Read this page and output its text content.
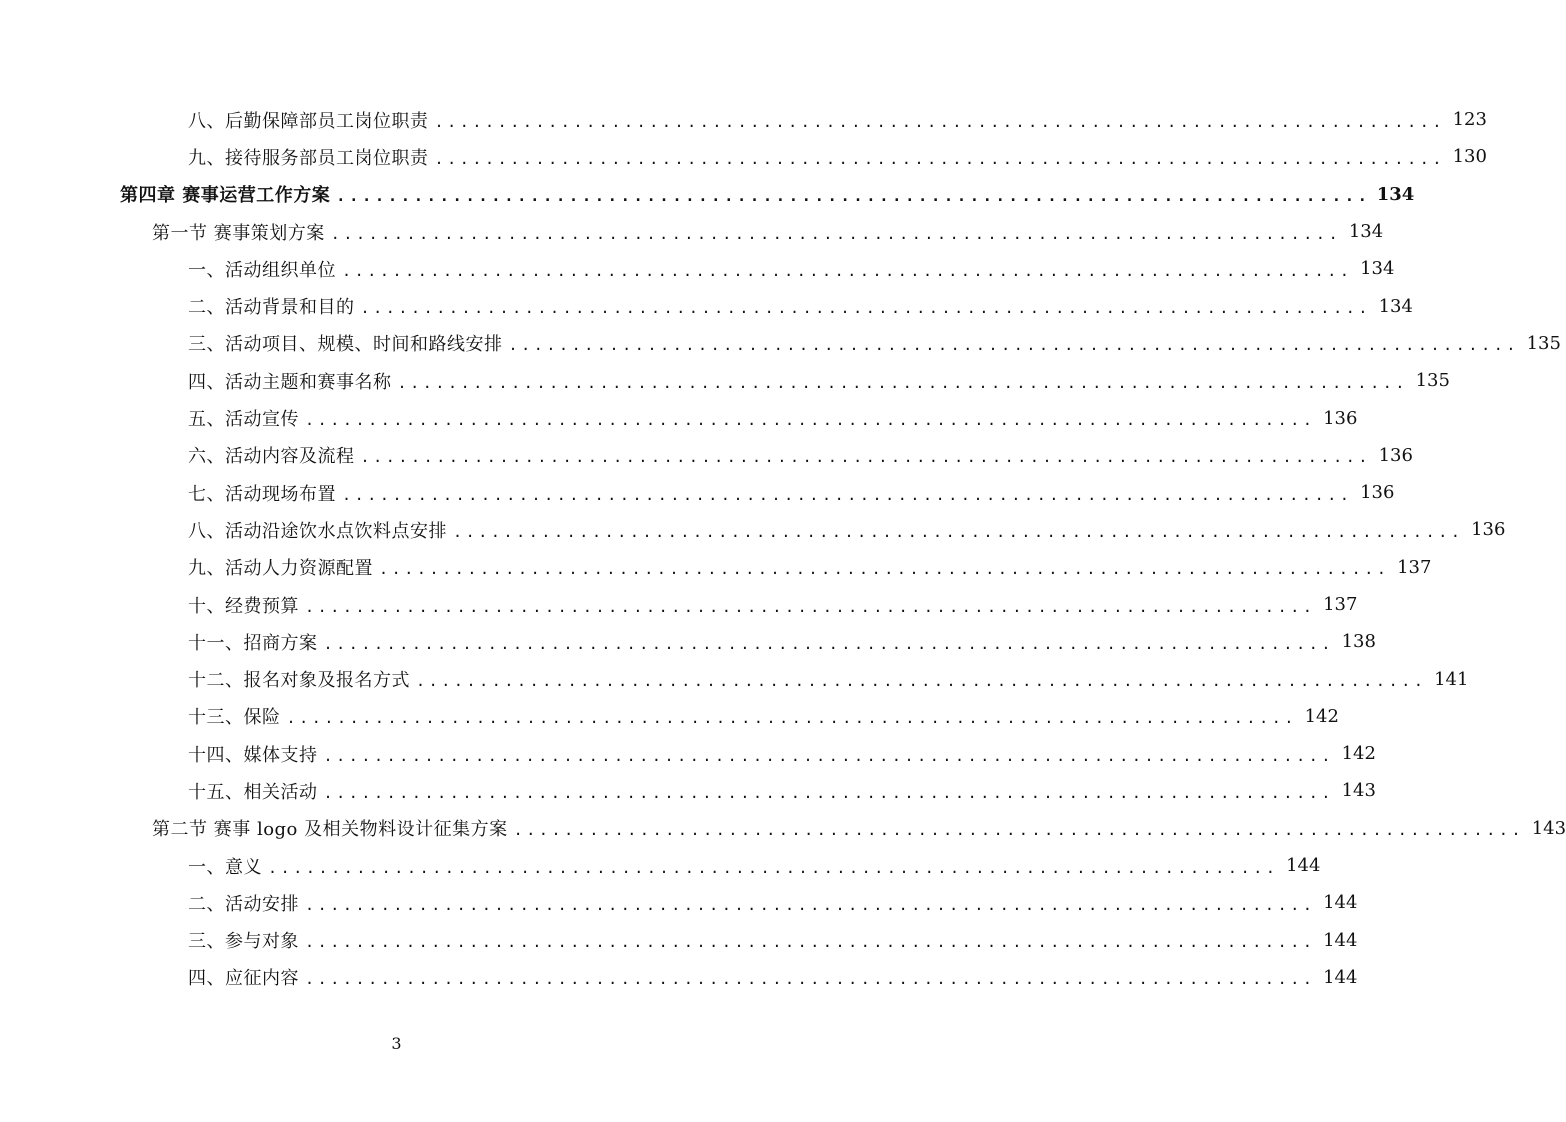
八、后勤保障部员工岗位职责 ................................................................................ 123
九、接待服务部员工岗位职责 ................................................................................ 130
第四章 赛事运营工作方案 ................................................................................ 134
第一节 赛事策划方案 ................................................................................ 134
一、活动组织单位 ................................................................................ 134
二、活动背景和目的 ................................................................................ 134
三、活动项目、规模、时间和路线安排 ................................................................................ 135
四、活动主题和赛事名称 ................................................................................ 135
五、活动宣传 ................................................................................ 136
六、活动内容及流程 ................................................................................ 136
七、活动现场布置 ................................................................................ 136
八、活动沿途饮水点饮料点安排 ................................................................................ 136
九、活动人力资源配置 ................................................................................ 137
十、经费预算 ................................................................................ 137
十一、招商方案 ................................................................................ 138
十二、报名对象及报名方式 ................................................................................ 141
十三、保险 ................................................................................ 142
十四、媒体支持 ................................................................................ 142
十五、相关活动 ................................................................................ 143
第二节 赛事 logo 及相关物料设计征集方案 ................................................................................ 143
一、意义 ................................................................................ 144
二、活动安排 ................................................................................ 144
三、参与对象 ................................................................................ 144
四、应征内容 ................................................................................ 144
3
